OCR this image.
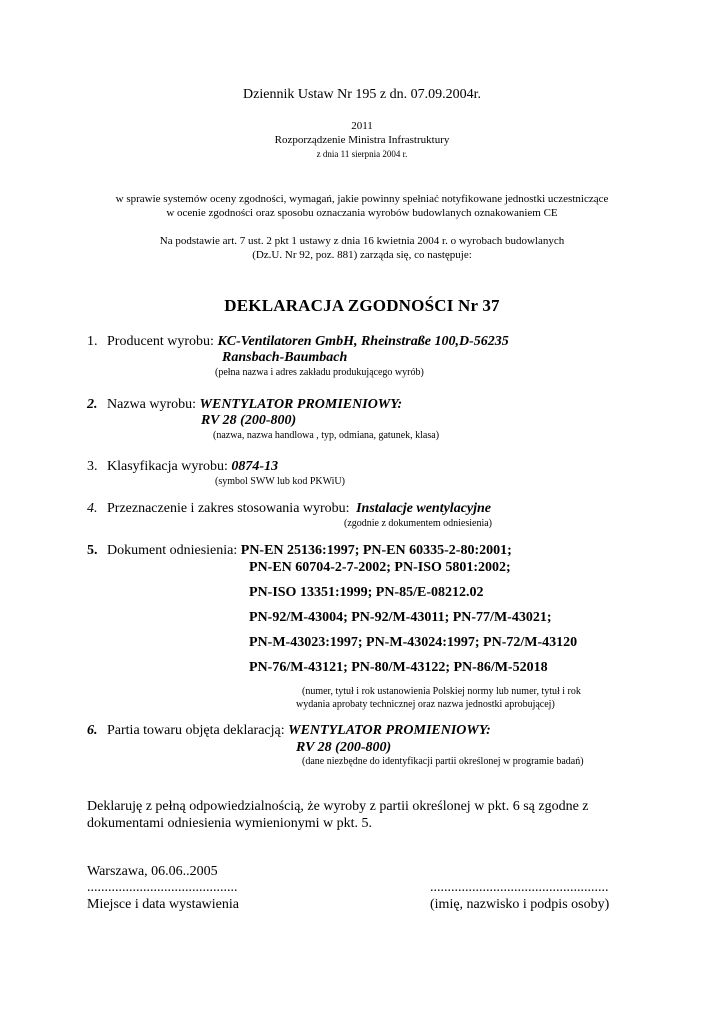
Dziennik Ustaw Nr 195 z dn. 07.09.2004r.
2011
Rozporządzenie Ministra Infrastruktury
z dnia 11 sierpnia 2004 r.
w sprawie systemów oceny zgodności, wymagań, jakie powinny spełniać notyfikowane jednostki uczestniczące
w ocenie zgodności oraz sposobu oznaczania wyrobów budowlanych oznakowaniem CE
Na podstawie art. 7 ust. 2 pkt 1 ustawy z dnia 16 kwietnia 2004 r. o wyrobach budowlanych
(Dz.U. Nr 92, poz. 881) zarząda się, co następuje:
DEKLARACJA ZGODNOŚCI Nr 37
1. Producent wyrobu: KC-Ventilatoren GmbH, Rheinstraße 100,D-56235
Ransbach-Baumbach
(pełna nazwa i adres zakładu produkującego wyrób)
2. Nazwa wyrobu: WENTYLATOR PROMIENIOWY:
RV 28 (200-800)
(nazwa, nazwa handlowa , typ, odmiana, gatunek, klasa)
3. Klasyfikacja wyrobu: 0874-13
(symbol SWW lub kod PKWiU)
4. Przeznaczenie i zakres stosowania wyrobu: Instalacje wentylacyjne
(zgodnie z dokumentem odniesienia)
5. Dokument odniesienia: PN-EN 25136:1997; PN-EN 60335-2-80:2001;
PN-EN 60704-2-7-2002; PN-ISO 5801:2002;
PN-ISO 13351:1999; PN-85/E-08212.02
PN-92/M-43004; PN-92/M-43011; PN-77/M-43021;
PN-M-43023:1997; PN-M-43024:1997; PN-72/M-43120
PN-76/M-43121; PN-80/M-43122; PN-86/M-52018
(numer, tytuł i rok ustanowienia Polskiej normy lub numer, tytuł i rok
wydania aprobaty technicznej oraz nazwa jednostki aprobującej)
6. Partia towaru objęta deklaracją: WENTYLATOR PROMIENIOWY:
RV 28 (200-800)
(dane niezbędne do identyfikacji partii określonej w programie badań)
Deklaruję z pełną odpowiedzialnością, że wyroby z partii określonej w pkt. 6 są zgodne z
dokumentami odniesienia wymienionymi w pkt. 5.
Warszawa, 06.06..2005
...........................................	...................................................
Miejsce i data wystawienia	(imię, nazwisko i podpis osoby)
